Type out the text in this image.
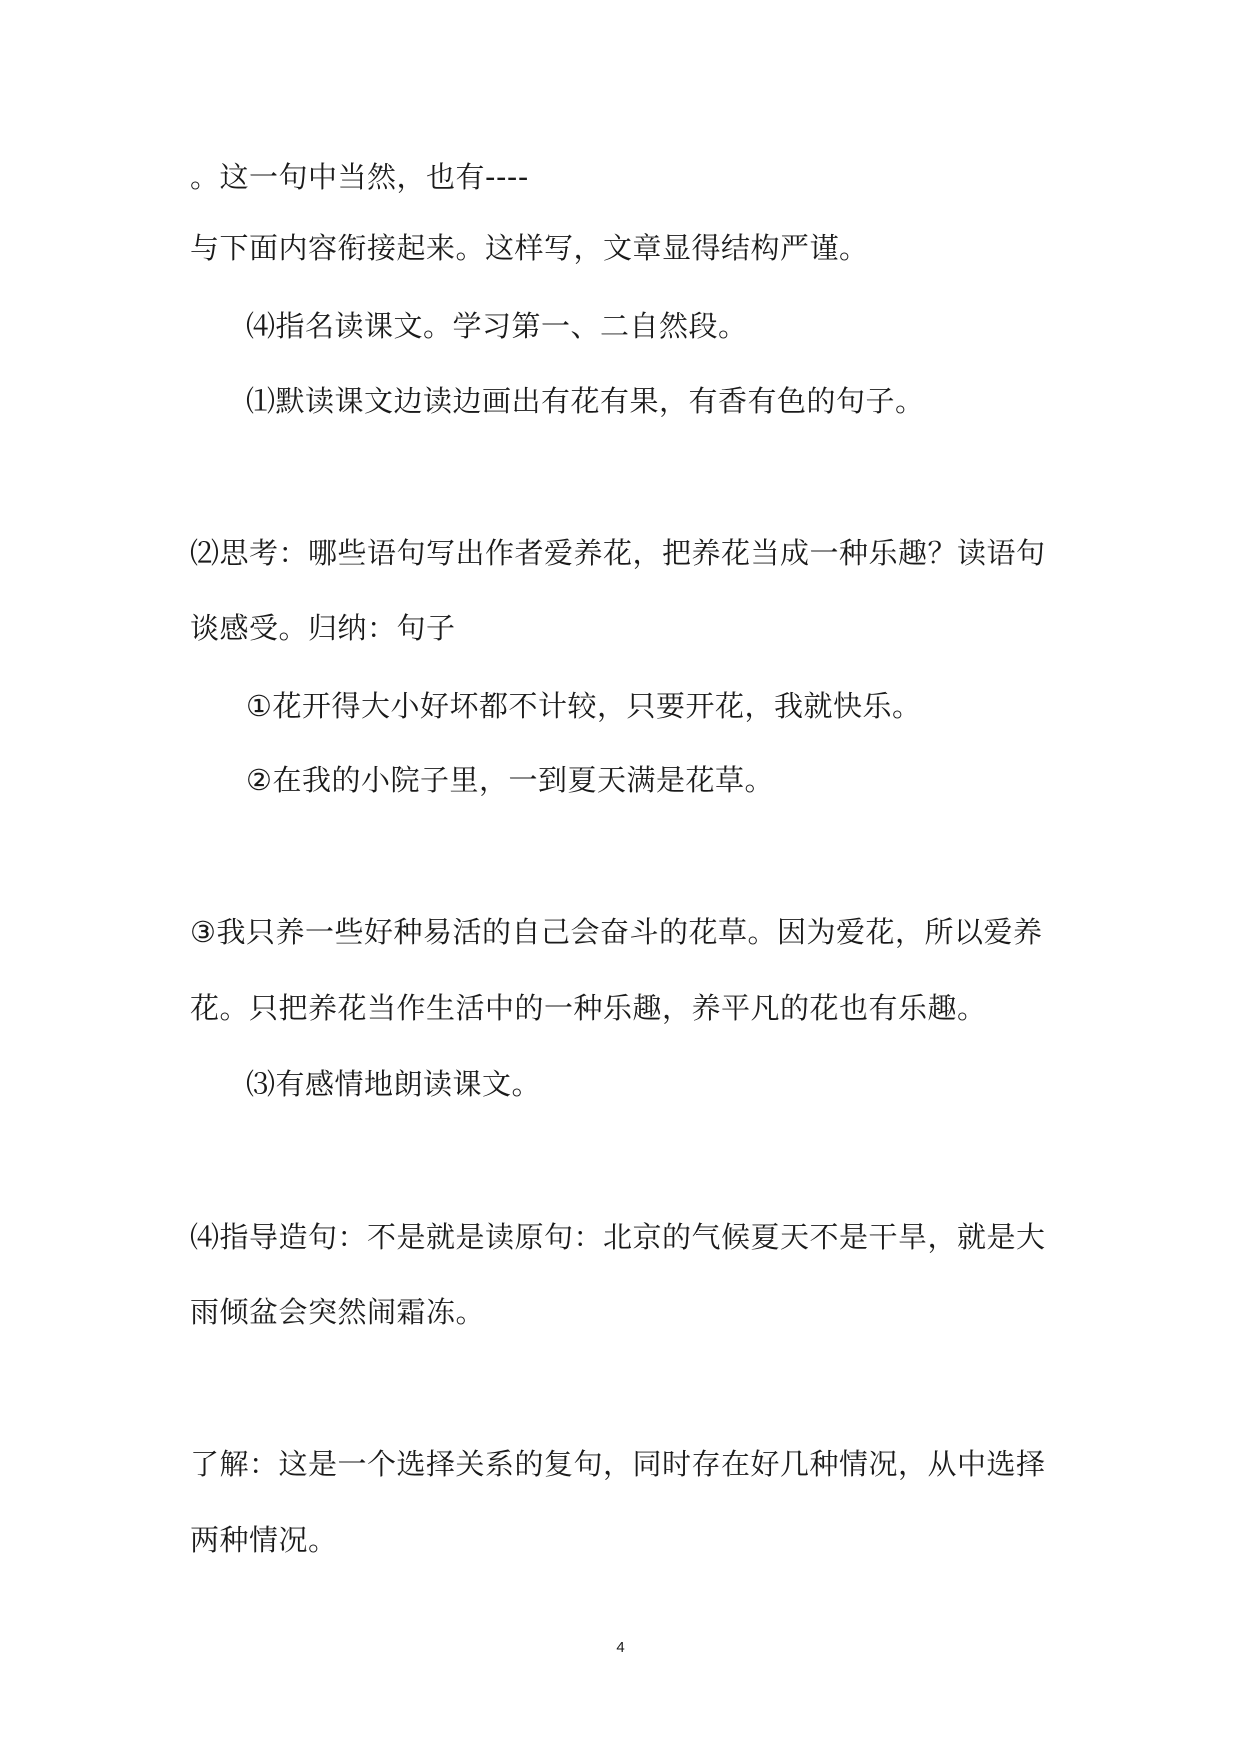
。这一句中当然，也有----
与下面内容衔接起来。这样写，文章显得结构严谨。
⑷指名读课文。学习第一、二自然段。
⑴默读课文边读边画出有花有果，有香有色的句子。
⑵思考：哪些语句写出作者爱养花，把养花当成一种乐趣？读语句
谈感受。归纳：句子
①花开得大小好坏都不计较，只要开花，我就快乐。
②在我的小院子里，一到夏天满是花草。
③我只养一些好种易活的自己会奋斗的花草。因为爱花，所以爱养
花。只把养花当作生活中的一种乐趣，养平凡的花也有乐趣。
⑶有感情地朗读课文。
⑷指导造句：不是就是读原句：北京的气候夏天不是干旱，就是大
雨倾盆会突然闹霜冻。
了解：这是一个选择关系的复句，同时存在好几种情况，从中选择
两种情况。
4
